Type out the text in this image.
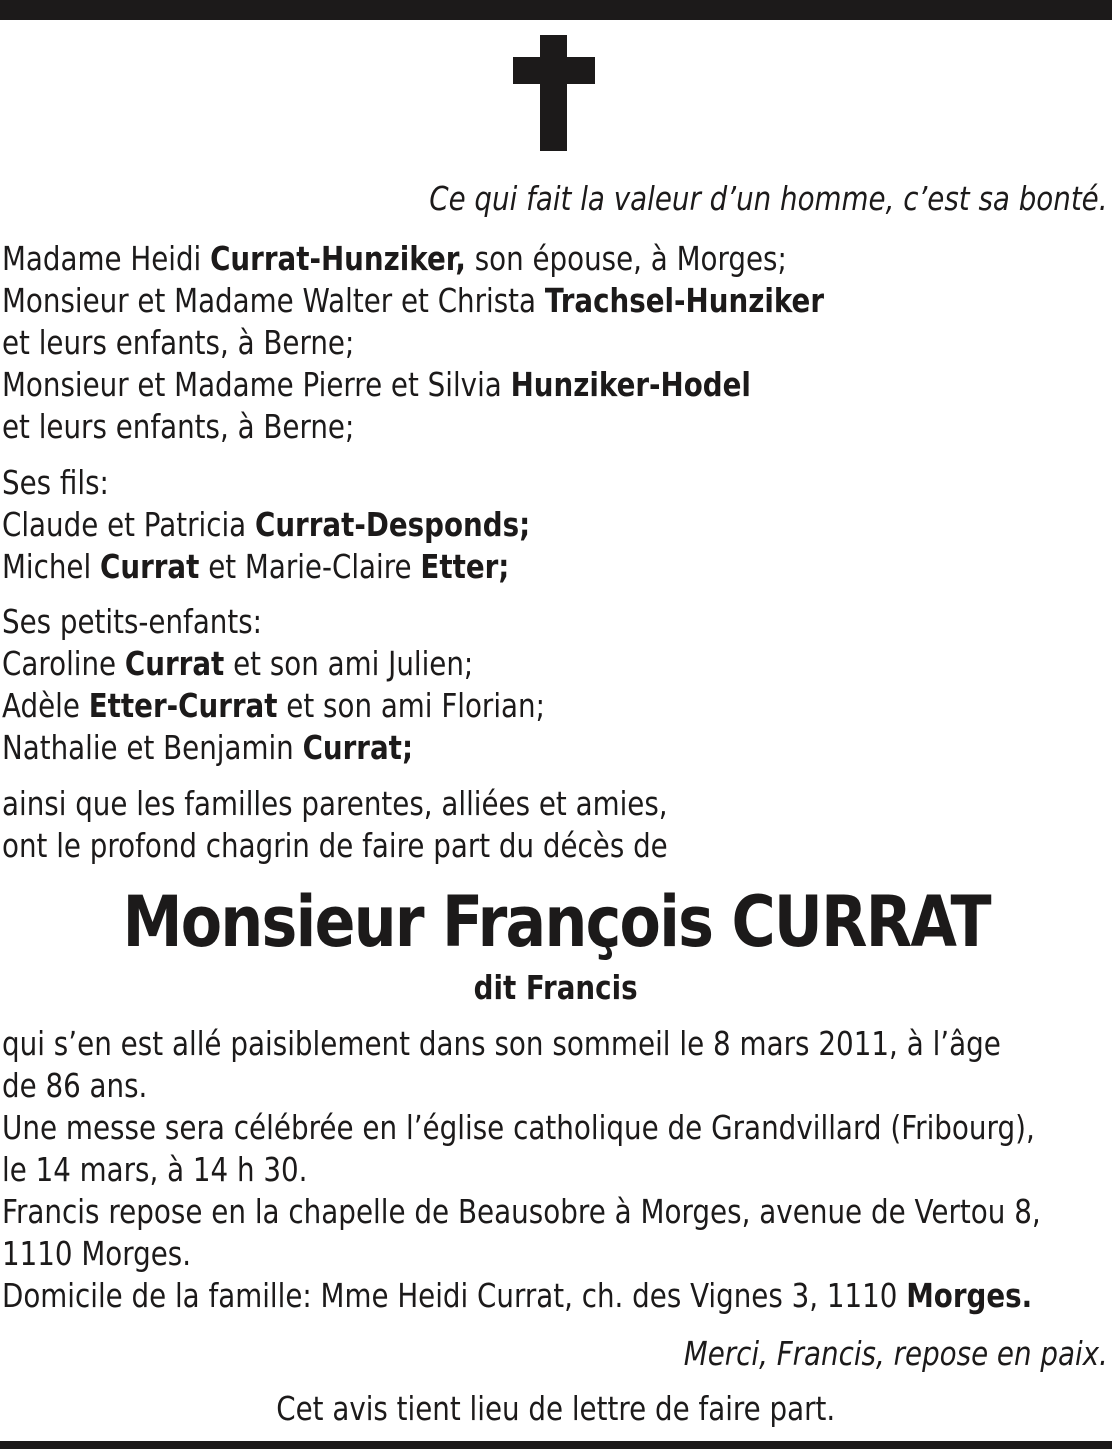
Ce qui fait la valeur d’un homme, c’est sa bonté.
Madame Heidi Currat-Hunziker, son épouse, à Morges;
Monsieur et Madame Walter et Christa Trachsel-Hunziker
et leurs enfants, à Berne;
Monsieur et Madame Pierre et Silvia Hunziker-Hodel
et leurs enfants, à Berne;
Ses fils:
Claude et Patricia Currat-Desponds;
Michel Currat et Marie-Claire Etter;
Ses petits-enfants:
Caroline Currat et son ami Julien;
Adèle Etter-Currat et son ami Florian;
Nathalie et Benjamin Currat;
ainsi que les familles parentes, alliées et amies,
ont le profond chagrin de faire part du décès de
Monsieur François CURRAT
dit Francis
qui s’en est allé paisiblement dans son sommeil le 8 mars 2011, à l’âge
de 86 ans.
Une messe sera célébrée en l’église catholique de Grandvillard (Fribourg),
le 14 mars, à 14 h 30.
Francis repose en la chapelle de Beausobre à Morges, avenue de Vertou 8,
1110 Morges.
Domicile de la famille: Mme Heidi Currat, ch. des Vignes 3, 1110 Morges.
Merci, Francis, repose en paix.
Cet avis tient lieu de lettre de faire part.
